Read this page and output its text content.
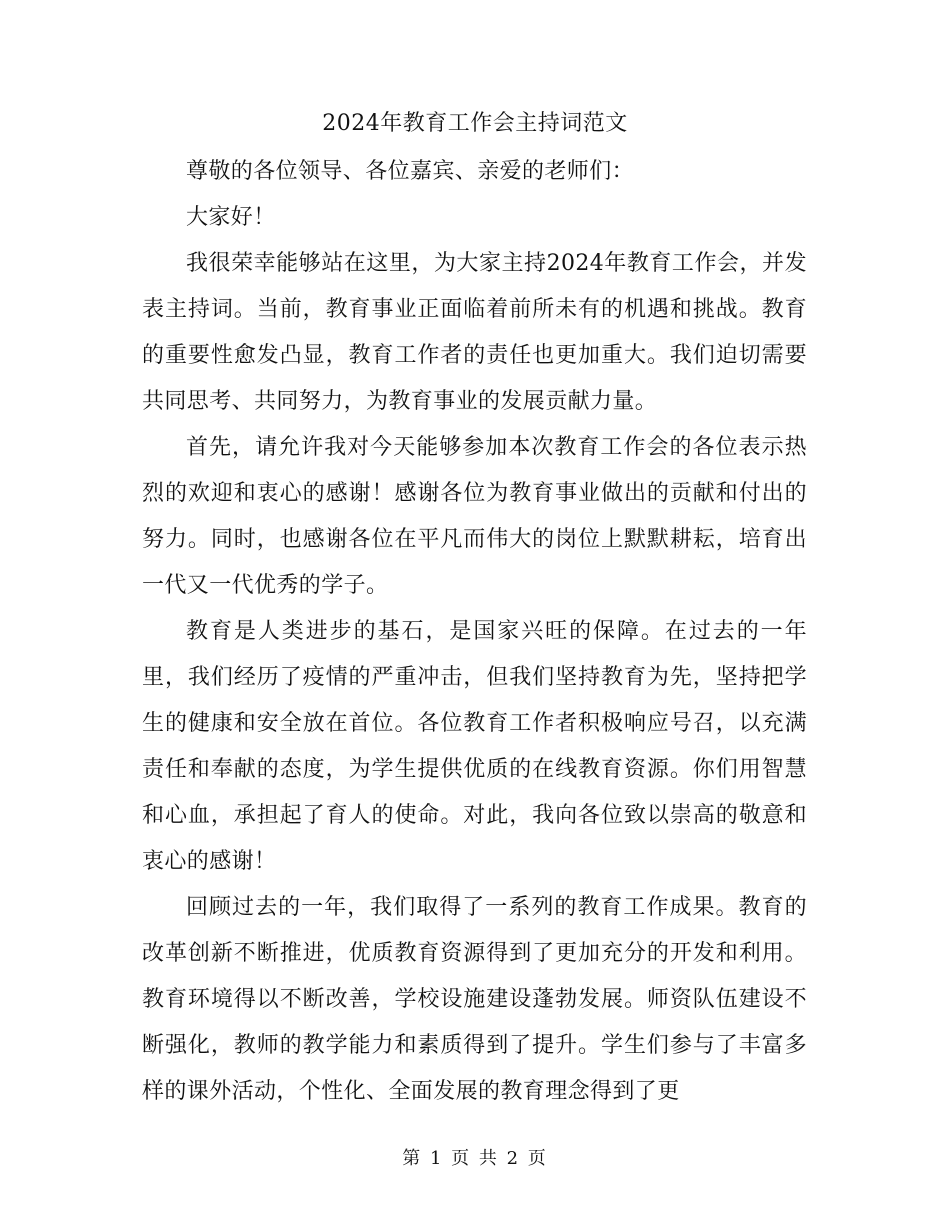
2024年教育工作会主持词范文

尊敬的各位领导、各位嘉宾、亲爱的老师们：

大家好！

我很荣幸能够站在这里，为大家主持2024年教育工作会，并发表主持词。当前，教育事业正面临着前所未有的机遇和挑战。教育的重要性愈发凸显，教育工作者的责任也更加重大。我们迫切需要共同思考、共同努力，为教育事业的发展贡献力量。

首先，请允许我对今天能够参加本次教育工作会的各位表示热烈的欢迎和衷心的感谢！感谢各位为教育事业做出的贡献和付出的努力。同时，也感谢各位在平凡而伟大的岗位上默默耕耘，培育出一代又一代优秀的学子。

教育是人类进步的基石，是国家兴旺的保障。在过去的一年里，我们经历了疫情的严重冲击，但我们坚持教育为先，坚持把学生的健康和安全放在首位。各位教育工作者积极响应号召，以充满责任和奉献的态度，为学生提供优质的在线教育资源。你们用智慧和心血，承担起了育人的使命。对此，我向各位致以崇高的敬意和衷心的感谢！

回顾过去的一年，我们取得了一系列的教育工作成果。教育的改革创新不断推进，优质教育资源得到了更加充分的开发和利用。教育环境得以不断改善，学校设施建设蓬勃发展。师资队伍建设不断强化，教师的教学能力和素质得到了提升。学生们参与了丰富多样的课外活动，个性化、全面发展的教育理念得到了更

第 1 页 共 2 页
